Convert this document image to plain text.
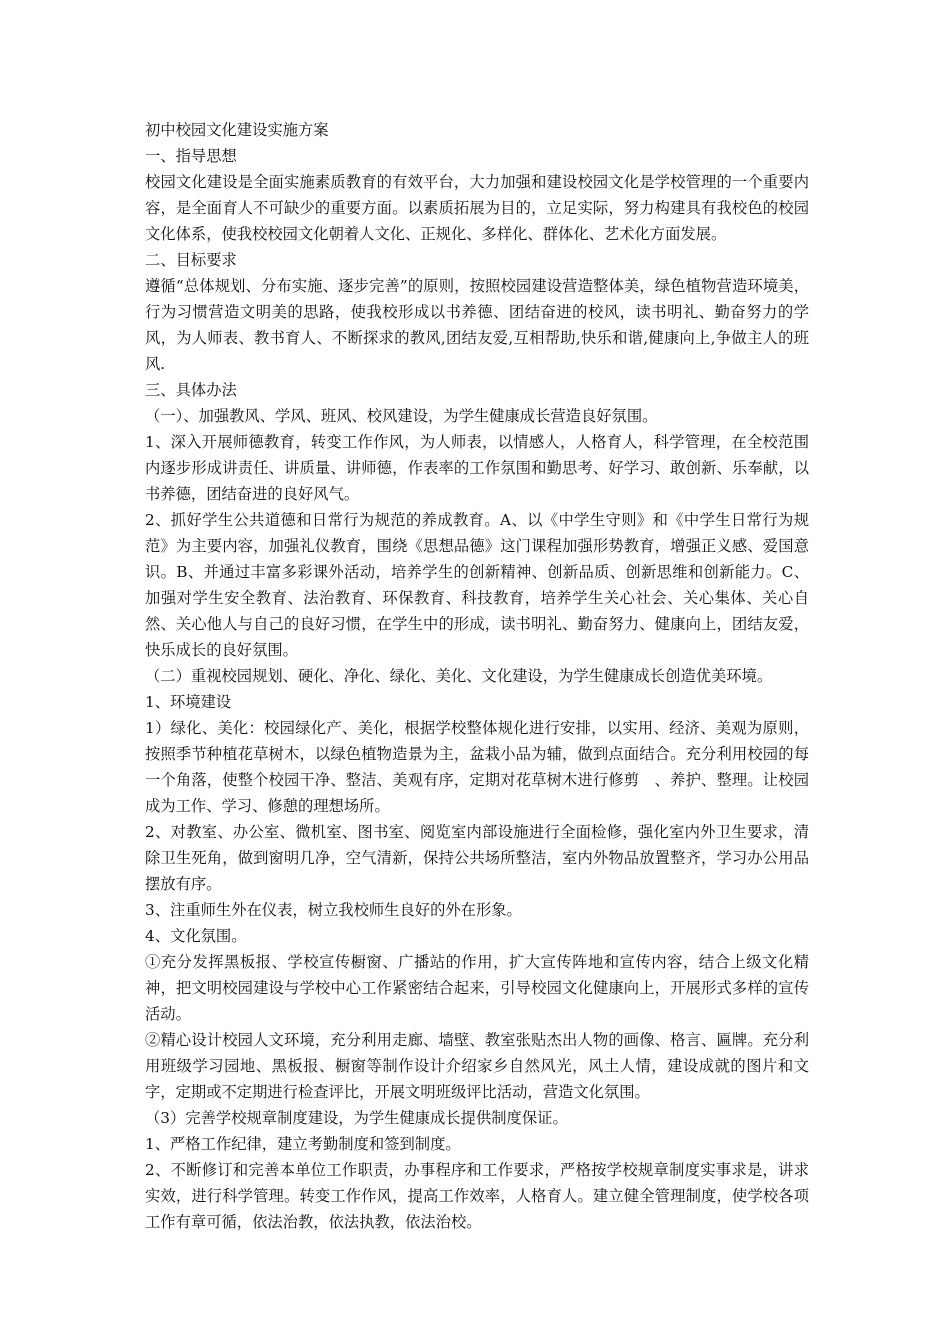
初中校园文化建设实施方案

一、指导思想

校园文化建设是全面实施素质教育的有效平台，大力加强和建设校园文化是学校管理的一个重要内容，是全面育人不可缺少的重要方面。以素质拓展为目的，立足实际，努力构建具有我校色的校园文化体系，使我校校园文化朝着人文化、正规化、多样化、群体化、艺术化方面发展。

二、目标要求

遵循“总体规划、分布实施、逐步完善”的原则，按照校园建设营造整体美，绿色植物营造环境美，行为习惯营造文明美的思路，使我校形成以书养德、团结奋进的校风，读书明礼、勤奋努力的学风，为人师表、教书育人、不断探求的教风,团结友爱,互相帮助,快乐和谐,健康向上,争做主人的班风.

三、具体办法

（一）、加强教风、学风、班风、校风建设，为学生健康成长营造良好氛围。

1、深入开展师德教育，转变工作作风，为人师表，以情感人，人格育人，科学管理，在全校范围内逐步形成讲责任、讲质量、讲师德，作表率的工作氛围和勤思考、好学习、敢创新、乐奉献，以书养德，团结奋进的良好风气。

2、抓好学生公共道德和日常行为规范的养成教育。A、以《中学生守则》和《中学生日常行为规范》为主要内容，加强礼仪教育，围绕《思想品德》这门课程加强形势教育，增强正义感、爱国意识。B、并通过丰富多彩课外活动，培养学生的创新精神、创新品质、创新思维和创新能力。C、加强对学生安全教育、法治教育、环保教育、科技教育，培养学生关心社会、关心集体、关心自然、关心他人与自己的良好习惯，在学生中的形成，读书明礼、勤奋努力、健康向上，团结友爱，快乐成长的良好氛围。

（二）重视校园规划、硬化、净化、绿化、美化、文化建设，为学生健康成长创造优美环境。

1、环境建设

1）绿化、美化：校园绿化产、美化，根据学校整体规化进行安排，以实用、经济、美观为原则，按照季节种植花草树木，以绿色植物造景为主，盆栽小品为辅，做到点面结合。充分利用校园的每一个角落，使整个校园干净、整洁、美观有序，定期对花草树木进行修剪　、养护、整理。让校园成为工作、学习、修憩的理想场所。

2、对教室、办公室、微机室、图书室、阅览室内部设施进行全面检修，强化室内外卫生要求，清除卫生死角，做到窗明几净，空气清新，保持公共场所整洁，室内外物品放置整齐，学习办公用品摆放有序。

3、注重师生外在仪表，树立我校师生良好的外在形象。

4、文化氛围。

①充分发挥黑板报、学校宣传橱窗、广播站的作用，扩大宣传阵地和宣传内容，结合上级文化精神，把文明校园建设与学校中心工作紧密结合起来，引导校园文化健康向上，开展形式多样的宣传活动。

②精心设计校园人文环境，充分利用走廊、墙壁、教室张贴杰出人物的画像、格言、匾牌。充分利用班级学习园地、黑板报、橱窗等制作设计介绍家乡自然风光，风土人情，建设成就的图片和文字，定期或不定期进行检查评比，开展文明班级评比活动，营造文化氛围。

（3）完善学校规章制度建设，为学生健康成长提供制度保证。

1、严格工作纪律，建立考勤制度和签到制度。

2、不断修订和完善本单位工作职责，办事程序和工作要求，严格按学校规章制度实事求是，讲求实效，进行科学管理。转变工作作风，提高工作效率，人格育人。建立健全管理制度，使学校各项工作有章可循，依法治教，依法执教，依法治校。
